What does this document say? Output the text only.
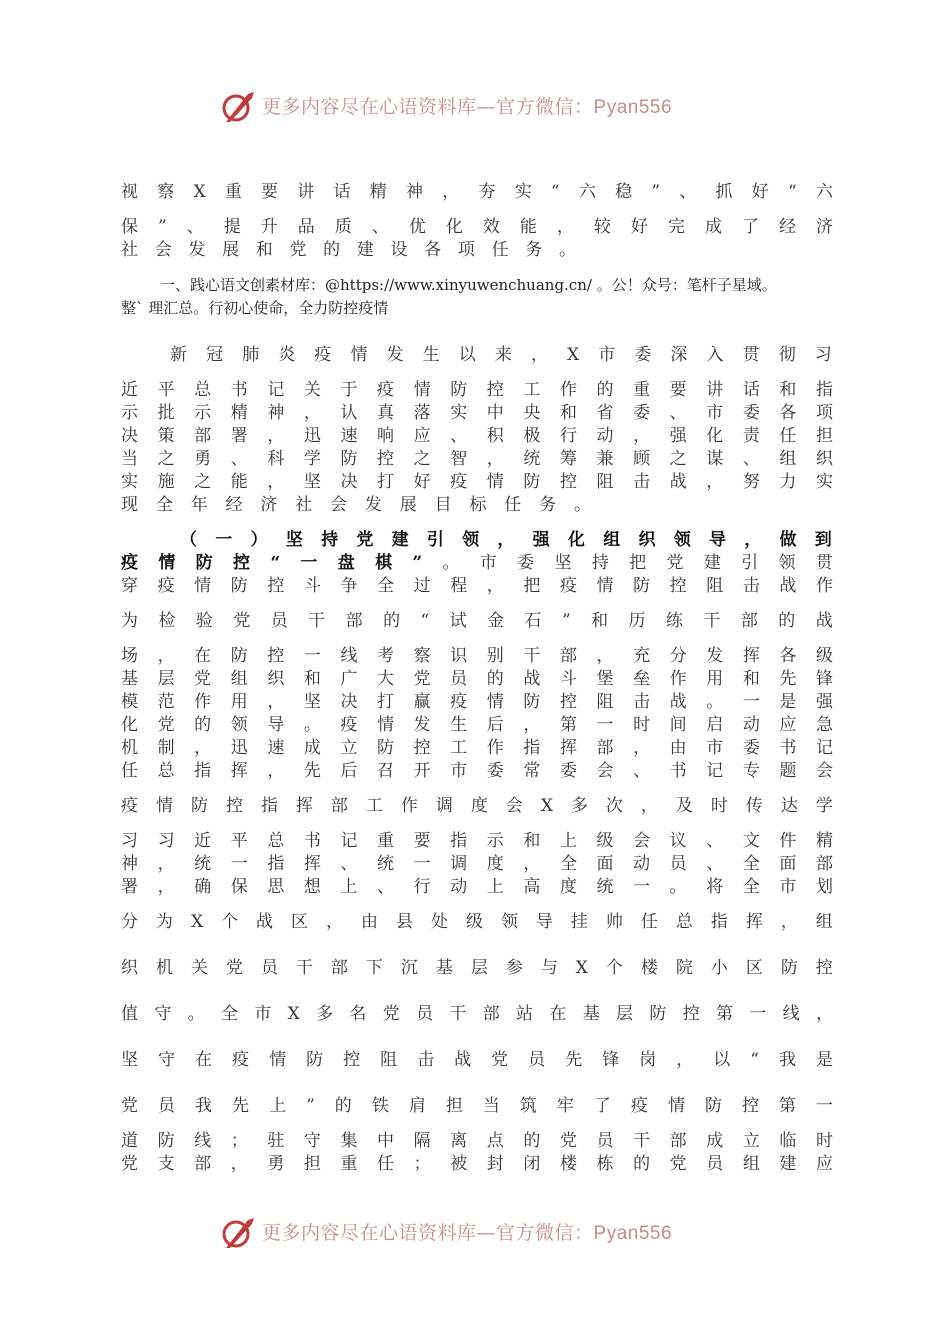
更多内容尽在心语资料库—官方微信：Pyan556
视 察 X 重 要 讲 话 精 神 ， 夯 实 “ 六 稳 ” 、 抓 好 “ 六
保 ” 、 提 升 品 质 、 优 化 效 能 ， 较 好 完 成 了 经 济
社 会 发 展 和 党 的 建 设 各 项 任 务 。
新 冠 肺 炎 疫 情 发 生 以 来 ， X 市 委 深 入 贯 彻 习
近 平 总 书 记 关 于 疫 情 防 控 工 作 的 重 要 讲 话 和 指
示 批 示 精 神 ， 认 真 落 实 中 央 和 省 委 、 市 委 各 项
决 策 部 署 ， 迅 速 响 应 、 积 极 行 动 ， 强 化 责 任 担
当 之 勇 、 科 学 防 控 之 智 ， 统 筹 兼 顾 之 谋 、 组 织
实 施 之 能 ， 坚 决 打 好 疫 情 防 控 阻 击 战 ， 努 力 实
现 全 年 经 济 社 会 发 展 目 标 任 务 。
（ 一 ） 坚 持 党 建 引 领 ， 强 化 组 织 领 导 ， 做 到
疫 情 防 控 “ 一 盘 棋 ” 。 市 委 坚 持 把 党 建 引 领 贯
穿 疫 情 防 控 斗 争 全 过 程 ， 把 疫 情 防 控 阻 击 战 作
为 检 验 党 员 干 部 的 “ 试 金 石 ” 和 历 练 干 部 的 战
场 ， 在 防 控 一 线 考 察 识 别 干 部 ， 充 分 发 挥 各 级
基 层 党 组 织 和 广 大 党 员 的 战 斗 堡 垒 作 用 和 先 锋
模 范 作 用 ， 坚 决 打 赢 疫 情 防 控 阻 击 战 。 一 是 强
化 党 的 领 导 。 疫 情 发 生 后 ， 第 一 时 间 启 动 应 急
机 制 ， 迅 速 成 立 防 控 工 作 指 挥 部 ， 由 市 委 书 记
任 总 指 挥 ， 先 后 召 开 市 委 常 委 会 、 书 记 专 题 会
疫 情 防 控 指 挥 部 工 作 调 度 会 X 多 次 ， 及 时 传 达 学
习 习 近 平 总 书 记 重 要 指 示 和 上 级 会 议 、 文 件 精
神 ， 统 一 指 挥 、 统 一 调 度 ， 全 面 动 员 、 全 面 部
署 ， 确 保 思 想 上 、 行 动 上 高 度 统 一 。 将 全 市 划
分 为 X 个 战 区 ， 由 县 处 级 领 导 挂 帅 任 总 指 挥 ， 组
织 机 关 党 员 干 部 下 沉 基 层 参 与 X 个 楼 院 小 区 防 控
值 守 。 全 市 X 多 名 党 员 干 部 站 在 基 层 防 控 第 一 线 ，
坚 守 在 疫 情 防 控 阻 击 战 党 员 先 锋 岗 ， 以 “ 我 是
党 员 我 先 上 ” 的 铁 肩 担 当 筑 牢 了 疫 情 防 控 第 一
道 防 线 ； 驻 守 集 中 隔 离 点 的 党 员 干 部 成 立 临 时
党 支 部 ， 勇 担 重 任 ； 被 封 闭 楼 栋 的 党 员 组 建 应
一、践心语文创素材库：@https://www.xinyuwenchuang.cn/ 。公！众号：笔杆子星域。
整` 理汇总。行初心使命，全力防控疫情
更多内容尽在心语资料库—官方微信：Pyan556
